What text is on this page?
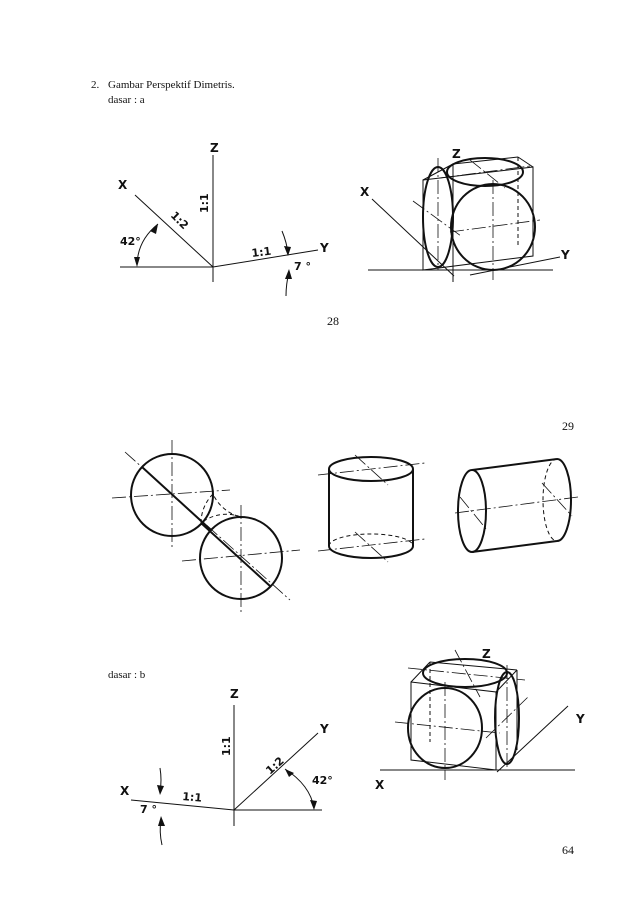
2. Gambar Perspektif Dimetris.
dasar : a
dasar : b
28
29
64
Z
X
Y
1:1
1:2
1:1
42°
7 °
X
Y
Z
Z
X
Y
1:1
1:2
1:1
42°
7 °
X
Y
Z
